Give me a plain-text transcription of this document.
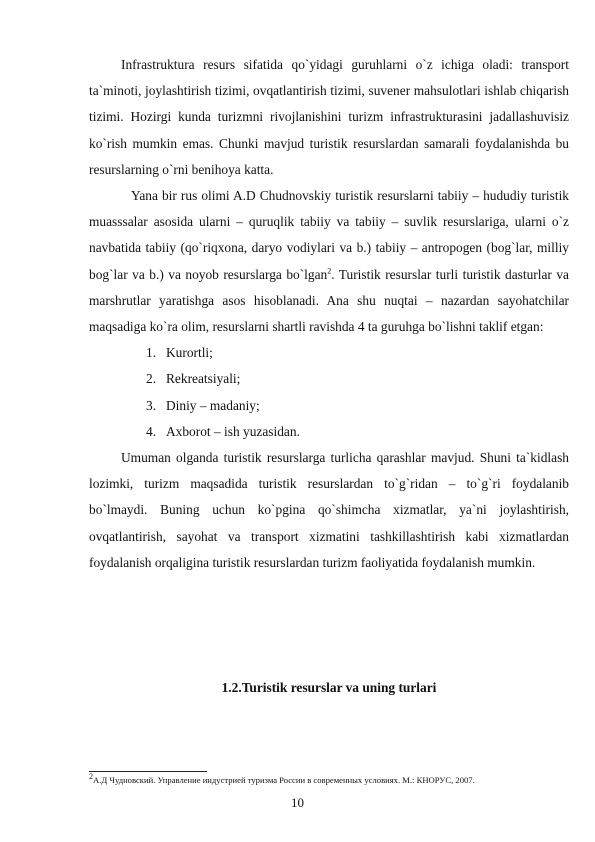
Infrastruktura resurs sifatida qo`yidagi guruhlarni o`z ichiga oladi: transport ta`minoti, joylashtirish tizimi, ovqatlantirish tizimi, suvener mahsulotlari ishlab chiqarish tizimi. Hozirgi kunda turizmni rivojlanishini turizm infrastrukturasini jadallashuvisiz ko`rish mumkin emas. Chunki mavjud turistik resurslardan samarali foydalanishda bu resurslarning o`rni benihoya katta.

Yana bir rus olimi A.D Chudnovskiy turistik resurslarni tabiiy – hududiy turistik muasssalar asosida ularni – quruqlik tabiiy va tabiiy – suvlik resurslariga, ularni o`z navbatida tabiiy (qo`riqxona, daryo vodiylari va b.) tabiiy – antropogen (bog`lar, milliy bog`lar va b.) va noyob resurslarga bo`lgan$^2$. Turistik resurslar turli turistik dasturlar va marshrutlar yaratishga asos hisoblanadi. Ana shu nuqtai – nazardan sayohatchilar maqsadiga ko`ra olim, resurslarni shartli ravishda 4 ta guruhga bo`lishni taklif etgan:

1. Kurortli;
2. Rekreatsiyali;
3. Diniy – madaniy;
4. Axborot – ish yuzasidan.

Umuman olganda turistik resurslarga turlicha qarashlar mavjud. Shuni ta`kidlash lozimki, turizm maqsadida turistik resurslardan to`g`ridan – to`g`ri foydalanib bo`lmaydi. Buning uchun ko`pgina qo`shimcha xizmatlar, ya`ni joylashtirish, ovqatlantirish, sayohat va transport xizmatini tashkillashtirish kabi xizmatlardan foydalanish orqaligina turistik resurslardan turizm faoliyatida foydalanish mumkin.

1.2.Turistik resurslar va uning turlari
$^2$А.Д Чудновский. Управление индустрией туризма России в современных условиях. М.: КНОРУС, 2007.
10
